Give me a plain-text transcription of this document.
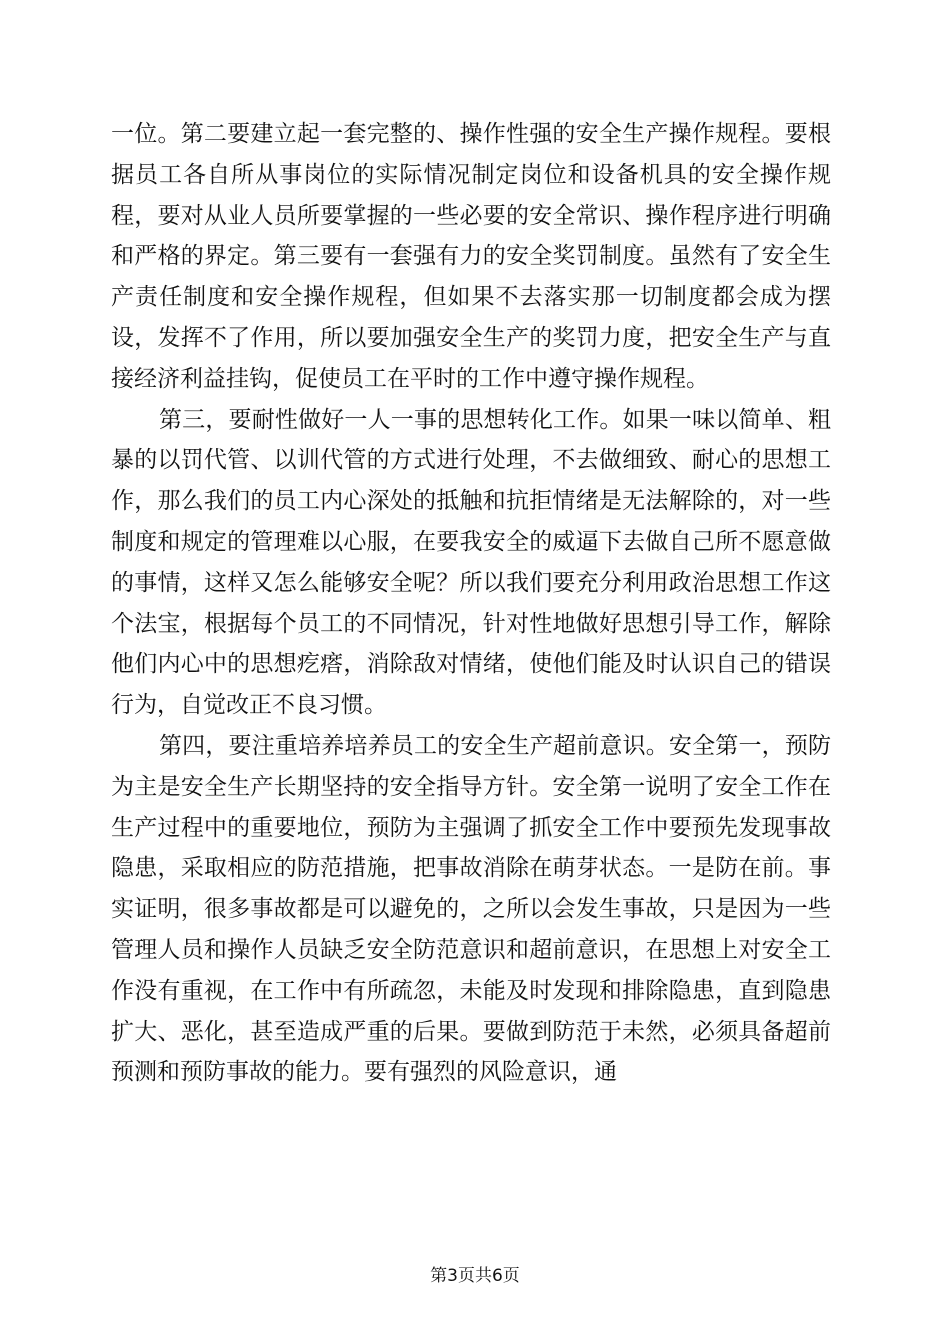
一位。第二要建立起一套完整的、操作性强的安全生产操作规程。要根据员工各自所从事岗位的实际情况制定岗位和设备机具的安全操作规程，要对从业人员所要掌握的一些必要的安全常识、操作程序进行明确和严格的界定。第三要有一套强有力的安全奖罚制度。虽然有了安全生产责任制度和安全操作规程，但如果不去落实那一切制度都会成为摆设，发挥不了作用，所以要加强安全生产的奖罚力度，把安全生产与直接经济利益挂钩，促使员工在平时的工作中遵守操作规程。

第三，要耐性做好一人一事的思想转化工作。如果一味以简单、粗暴的以罚代管、以训代管的方式进行处理，不去做细致、耐心的思想工作，那么我们的员工内心深处的抵触和抗拒情绪是无法解除的，对一些制度和规定的管理难以心服，在要我安全的威逼下去做自己所不愿意做的事情，这样又怎么能够安全呢？所以我们要充分利用政治思想工作这个法宝，根据每个员工的不同情况，针对性地做好思想引导工作，解除他们内心中的思想疙瘩，消除敌对情绪，使他们能及时认识自己的错误行为，自觉改正不良习惯。

第四，要注重培养培养员工的安全生产超前意识。安全第一，预防为主是安全生产长期坚持的安全指导方针。安全第一说明了安全工作在生产过程中的重要地位，预防为主强调了抓安全工作中要预先发现事故隐患，采取相应的防范措施，把事故消除在萌芽状态。一是防在前。事实证明，很多事故都是可以避免的，之所以会发生事故，只是因为一些管理人员和操作人员缺乏安全防范意识和超前意识，在思想上对安全工作没有重视，在工作中有所疏忽，未能及时发现和排除隐患，直到隐患扩大、恶化，甚至造成严重的后果。要做到防范于未然，必须具备超前预测和预防事故的能力。要有强烈的风险意识，通

第3页共6页
